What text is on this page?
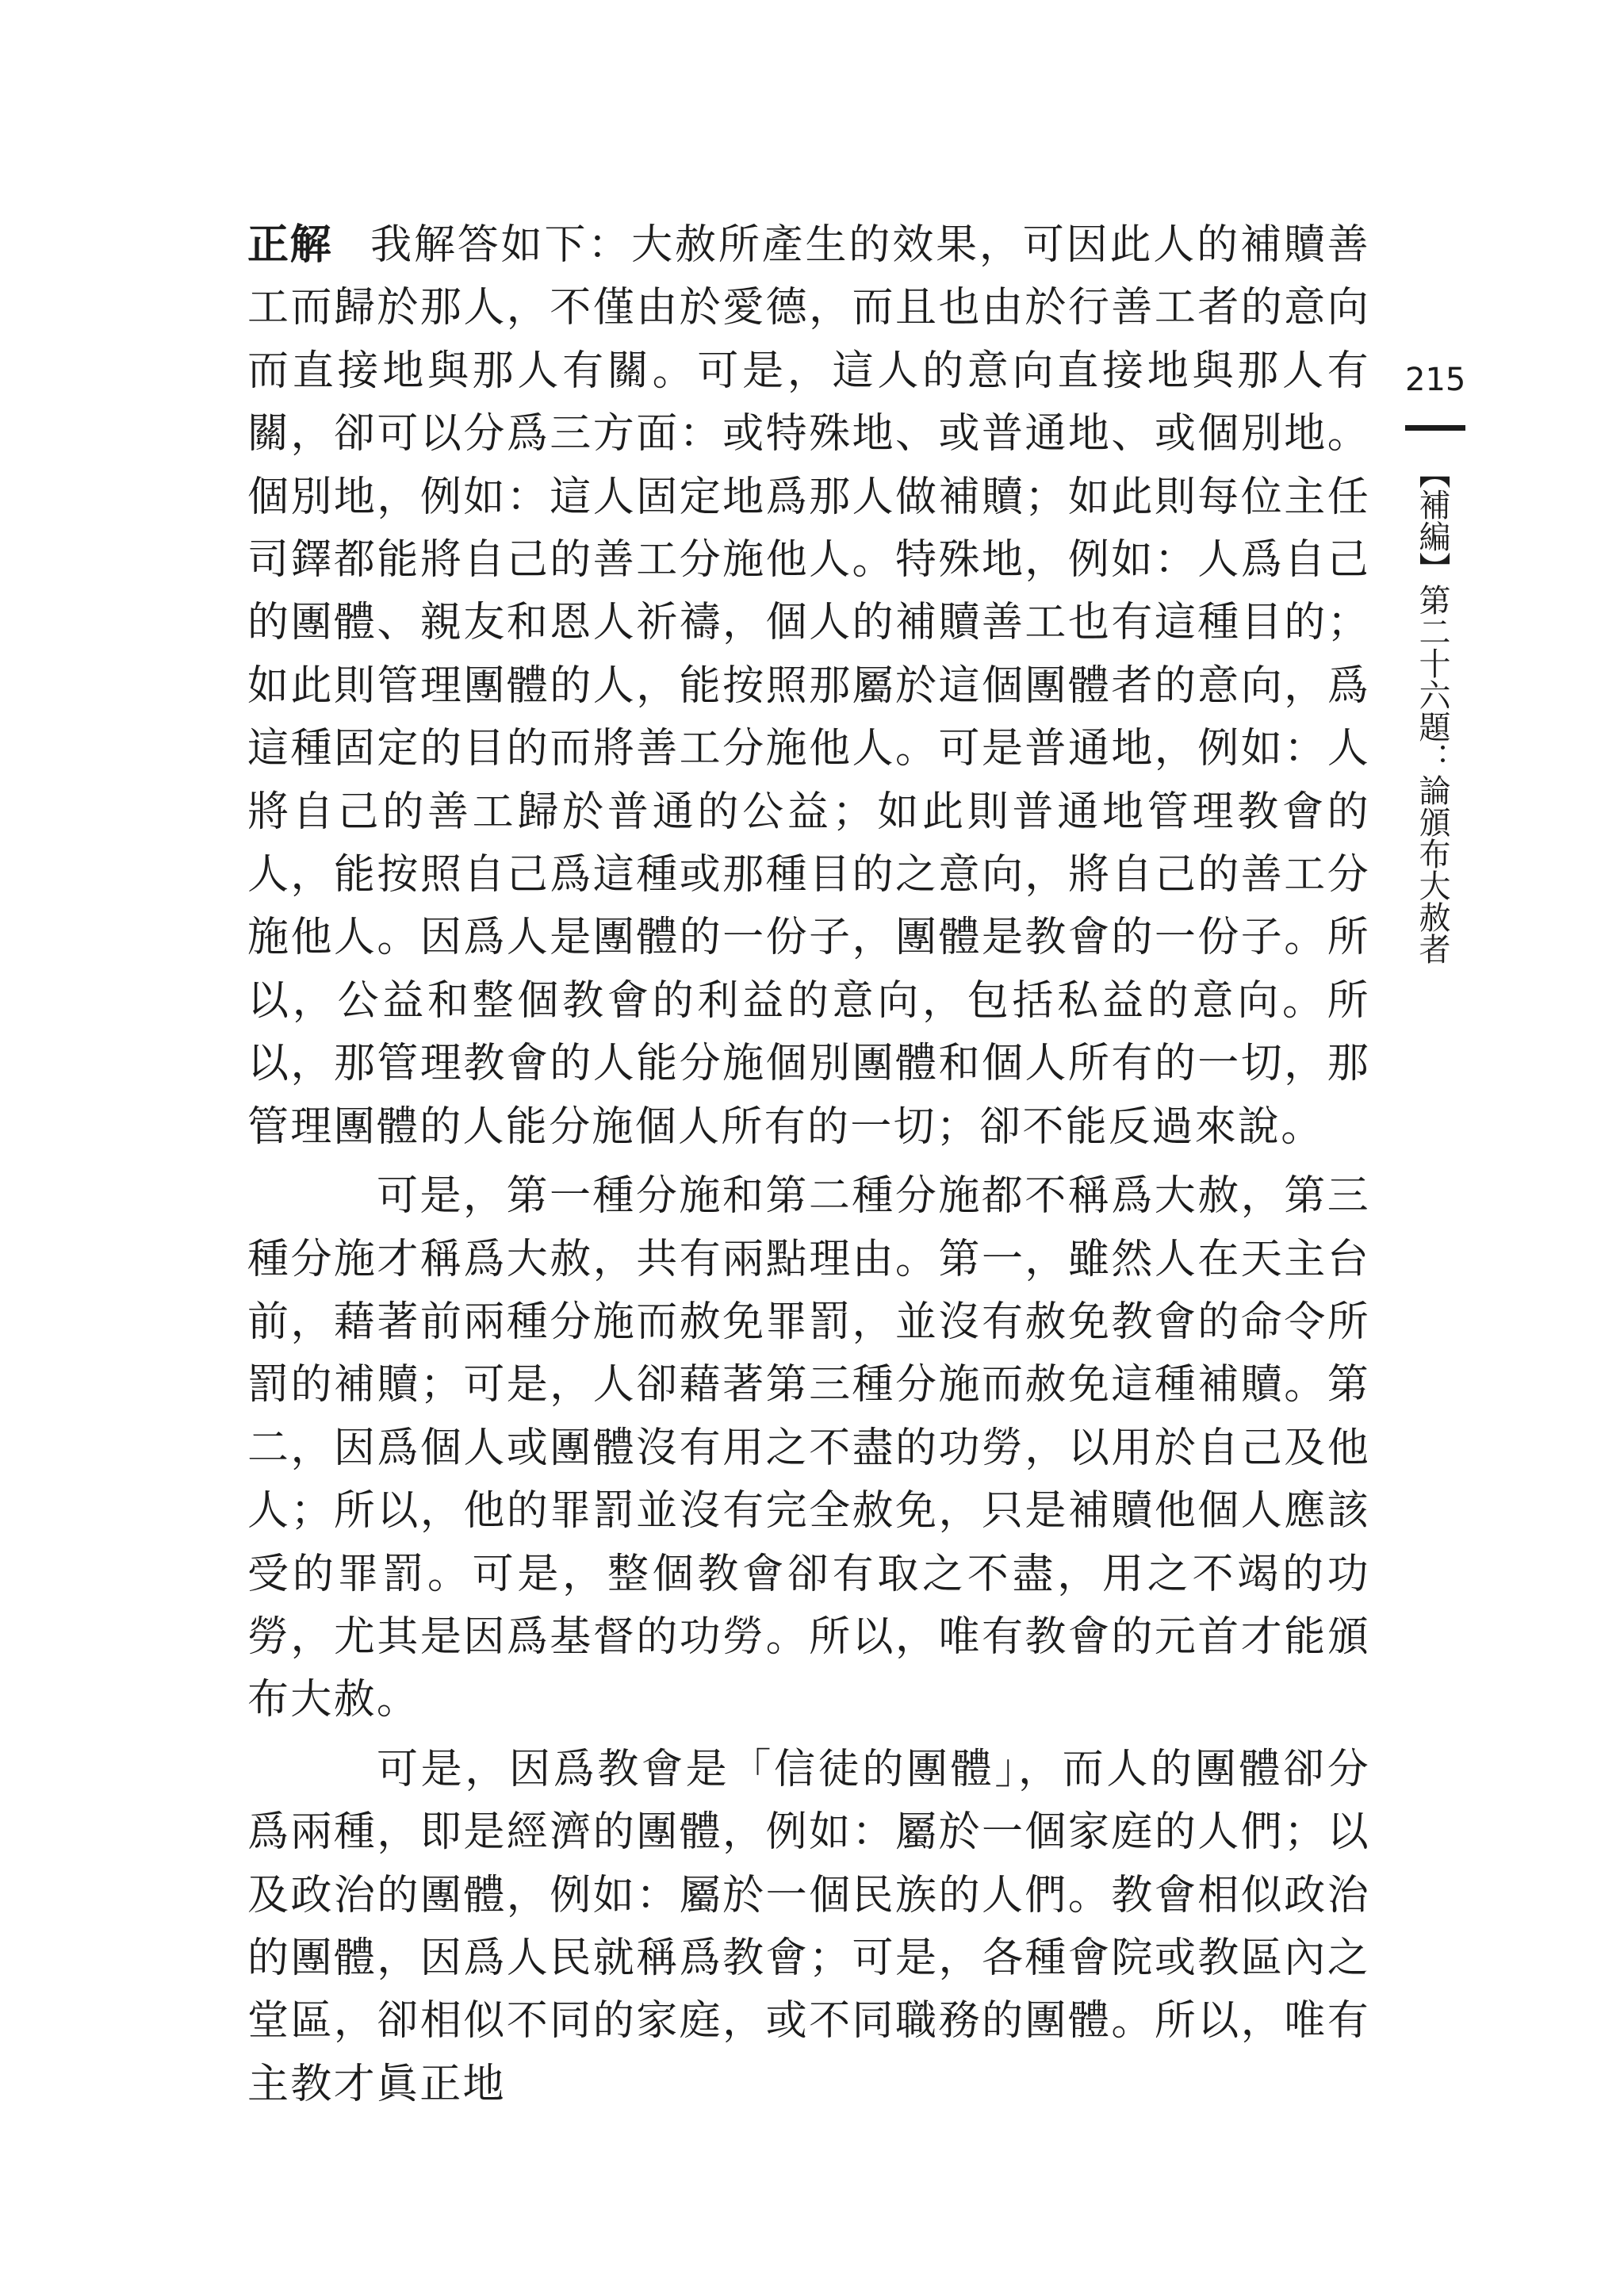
正解 我解答如下：大赦所產生的效果，可因此人的補贖善工而歸於那人，不僅由於愛德，而且也由於行善工者的意向而直接地與那人有關。可是，這人的意向直接地與那人有關，卻可以分爲三方面：或特殊地、或普通地、或個別地。個別地，例如：這人固定地爲那人做補贖；如此則每位主任司鐸都能將自己的善工分施他人。特殊地，例如：人爲自己的團體、親友和恩人祈禱，個人的補贖善工也有這種目的；如此則管理團體的人，能按照那屬於這個團體者的意向，爲這種固定的目的而將善工分施他人。可是普通地，例如：人將自己的善工歸於普通的公益；如此則普通地管理教會的人，能按照自己爲這種或那種目的之意向，將自己的善工分施他人。因爲人是團體的一份子，團體是教會的一份子。所以，公益和整個教會的利益的意向，包括私益的意向。所以，那管理教會的人能分施個別團體和個人所有的一切，那管理團體的人能分施個人所有的一切；卻不能反過來說。

可是，第一種分施和第二種分施都不稱爲大赦，第三種分施才稱爲大赦，共有兩點理由。第一，雖然人在天主台前，藉著前兩種分施而赦免罪罰，並沒有赦免教會的命令所罰的補贖；可是，人卻藉著第三種分施而赦免這種補贖。第二，因爲個人或團體沒有用之不盡的功勞，以用於自己及他人；所以，他的罪罰並沒有完全赦免，只是補贖他個人應該受的罪罰。可是，整個教會卻有取之不盡，用之不竭的功勞，尤其是因爲基督的功勞。所以，唯有教會的元首才能頒布大赦。

可是，因爲教會是「信徒的團體」，而人的團體卻分爲兩種，即是經濟的團體，例如：屬於一個家庭的人們；以及政治的團體，例如：屬於一個民族的人們。教會相似政治的團體，因爲人民就稱爲教會；可是，各種會院或教區內之堂區，卻相似不同的家庭，或不同職務的團體。所以，唯有主教才眞正地

215
【補編】第二十六題：論頒布大赦者
